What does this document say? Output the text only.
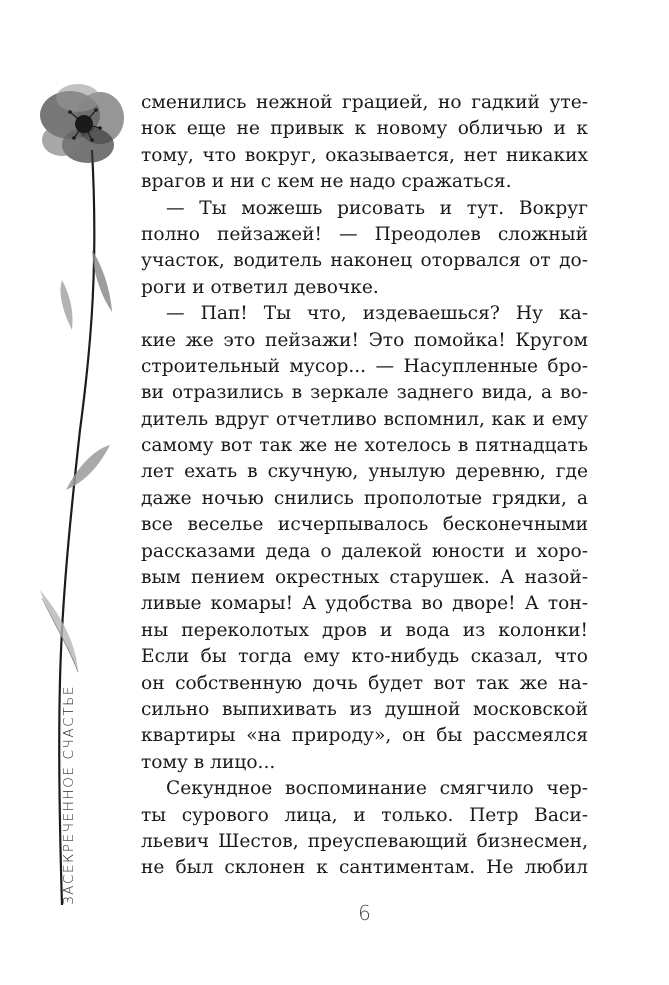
ЗАСЕКРЕЧЕННОЕ СЧАСТЬЕ
сменились нежной грацией, но гадкий уте-
нок еще не привык к новому обличью и к
тому, что вокруг, оказывается, нет никаких
врагов и ни с кем не надо сражаться.
— Ты можешь рисовать и тут. Вокруг
полно пейзажей! — Преодолев сложный
участок, водитель наконец оторвался от до-
роги и ответил девочке.
— Пап! Ты что, издеваешься? Ну ка-
кие же это пейзажи! Это помойка! Кругом
строительный мусор... — Насупленные бро-
ви отразились в зеркале заднего вида, а во-
дитель вдруг отчетливо вспомнил, как и ему
самому вот так же не хотелось в пятнадцать
лет ехать в скучную, унылую деревню, где
даже ночью снились прополотые грядки, а
все веселье исчерпывалось бесконечными
рассказами деда о далекой юности и хоро-
вым пением окрестных старушек. А назой-
ливые комары! А удобства во дворе! А тон-
ны переколотых дров и вода из колонки!
Если бы тогда ему кто-нибудь сказал, что
он собственную дочь будет вот так же на-
сильно выпихивать из душной московской
квартиры «на природу», он бы рассмеялся
тому в лицо...
Секундное воспоминание смягчило чер-
ты сурового лица, и только. Петр Васи-
льевич Шестов, преуспевающий бизнесмен,
не был склонен к сантиментам. Не любил
6
